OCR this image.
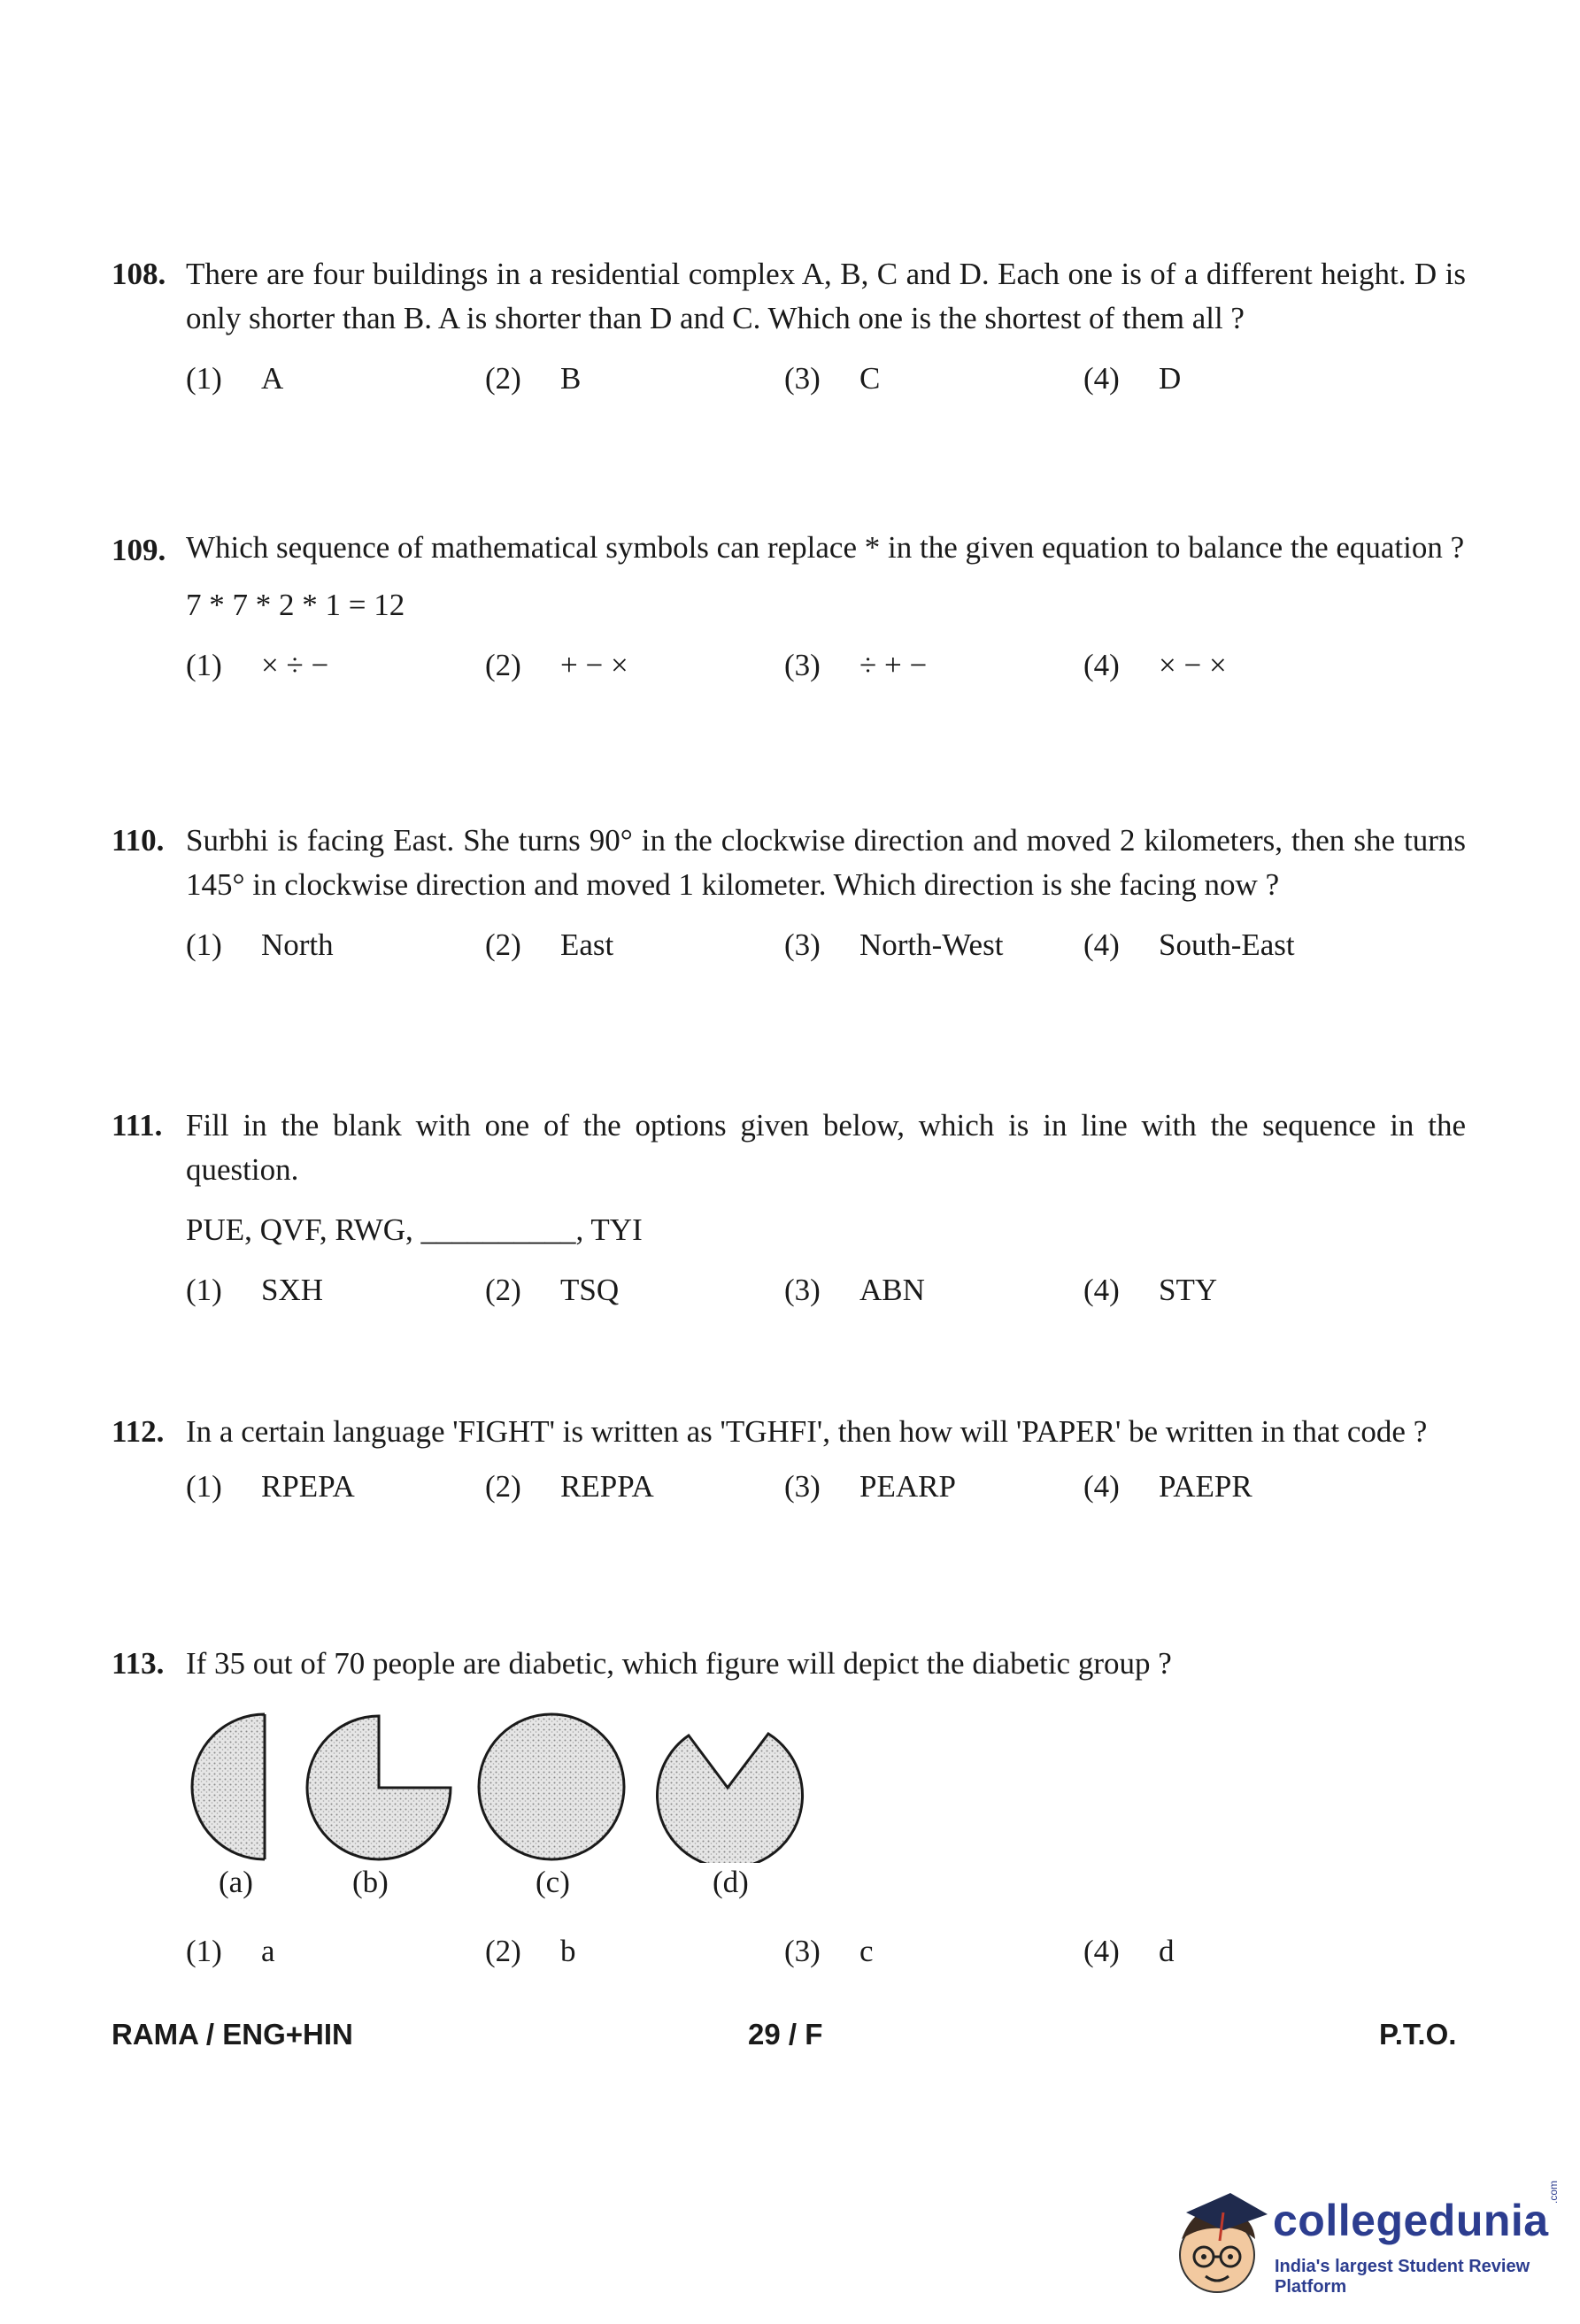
108. There are four buildings in a residential complex A, B, C and D. Each one is of a different height. D is only shorter than B. A is shorter than D and C. Which one is the shortest of them all ?
(1) A	(2) B	(3) C	(4) D
109. Which sequence of mathematical symbols can replace * in the given equation to balance the equation ?
7 * 7 * 2 * 1 = 12
(1) × ÷ −	(2) + − ×	(3) ÷ + −	(4) × − ×
110. Surbhi is facing East. She turns 90° in the clockwise direction and moved 2 kilometers, then she turns 145° in clockwise direction and moved 1 kilometer. Which direction is she facing now ?
(1) North	(2) East	(3) North-West	(4) South-East
111. Fill in the blank with one of the options given below, which is in line with the sequence in the question.
PUE, QVF, RWG, __________, TYI
(1) SXH	(2) TSQ	(3) ABN	(4) STY
112. In a certain language 'FIGHT' is written as 'TGHFI', then how will 'PAPER' be written in that code ?
(1) RPEPA	(2) REPPA	(3) PEARP	(4) PAEPR
113. If 35 out of 70 people are diabetic, which figure will depict the diabetic group ?
(a)	(b)	(c)	(d)
(1) a	(2) b	(3) c	(4) d
RAMA / ENG+HIN	29 / F	P.T.O.
collegedunia
.com
India's largest Student Review Platform
